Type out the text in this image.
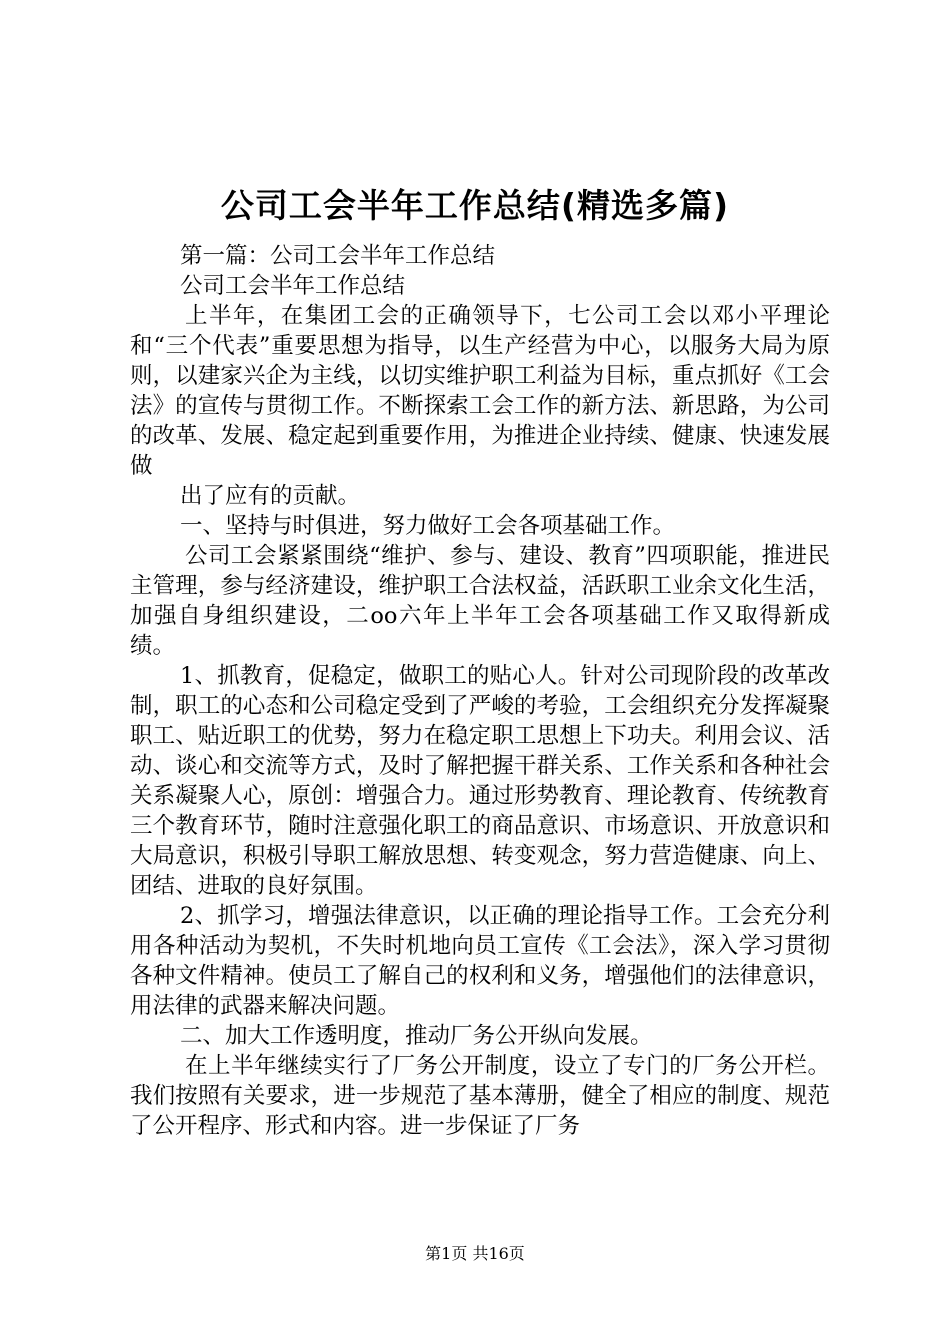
公司工会半年工作总结(精选多篇)

第一篇：公司工会半年工作总结

公司工会半年工作总结

上半年，在集团工会的正确领导下，七公司工会以邓小平理论和“三个代表”重要思想为指导，以生产经营为中心，以服务大局为原则，以建家兴企为主线，以切实维护职工利益为目标，重点抓好《工会法》的宣传与贯彻工作。不断探索工会工作的新方法、新思路，为公司的改革、发展、稳定起到重要作用，为推进企业持续、健康、快速发展做

出了应有的贡献。

一、坚持与时俱进，努力做好工会各项基础工作。

公司工会紧紧围绕“维护、参与、建设、教育”四项职能，推进民主管理，参与经济建设，维护职工合法权益，活跃职工业余文化生活，加强自身组织建设，二oo六年上半年工会各项基础工作又取得新成绩。

1、抓教育，促稳定，做职工的贴心人。针对公司现阶段的改革改制，职工的心态和公司稳定受到了严峻的考验，工会组织充分发挥凝聚职工、贴近职工的优势，努力在稳定职工思想上下功夫。利用会议、活动、谈心和交流等方式，及时了解把握干群关系、工作关系和各种社会关系凝聚人心，原创：增强合力。通过形势教育、理论教育、传统教育三个教育环节，随时注意强化职工的商品意识、市场意识、开放意识和大局意识，积极引导职工解放思想、转变观念，努力营造健康、向上、团结、进取的良好氛围。

2、抓学习，增强法律意识，以正确的理论指导工作。工会充分利用各种活动为契机，不失时机地向员工宣传《工会法》，深入学习贯彻各种文件精神。使员工了解自己的权利和义务，增强他们的法律意识，用法律的武器来解决问题。

二、加大工作透明度，推动厂务公开纵向发展。

在上半年继续实行了厂务公开制度，设立了专门的厂务公开栏。我们按照有关要求，进一步规范了基本薄册，健全了相应的制度、规范了公开程序、形式和内容。进一步保证了厂务

第1页 共16页
